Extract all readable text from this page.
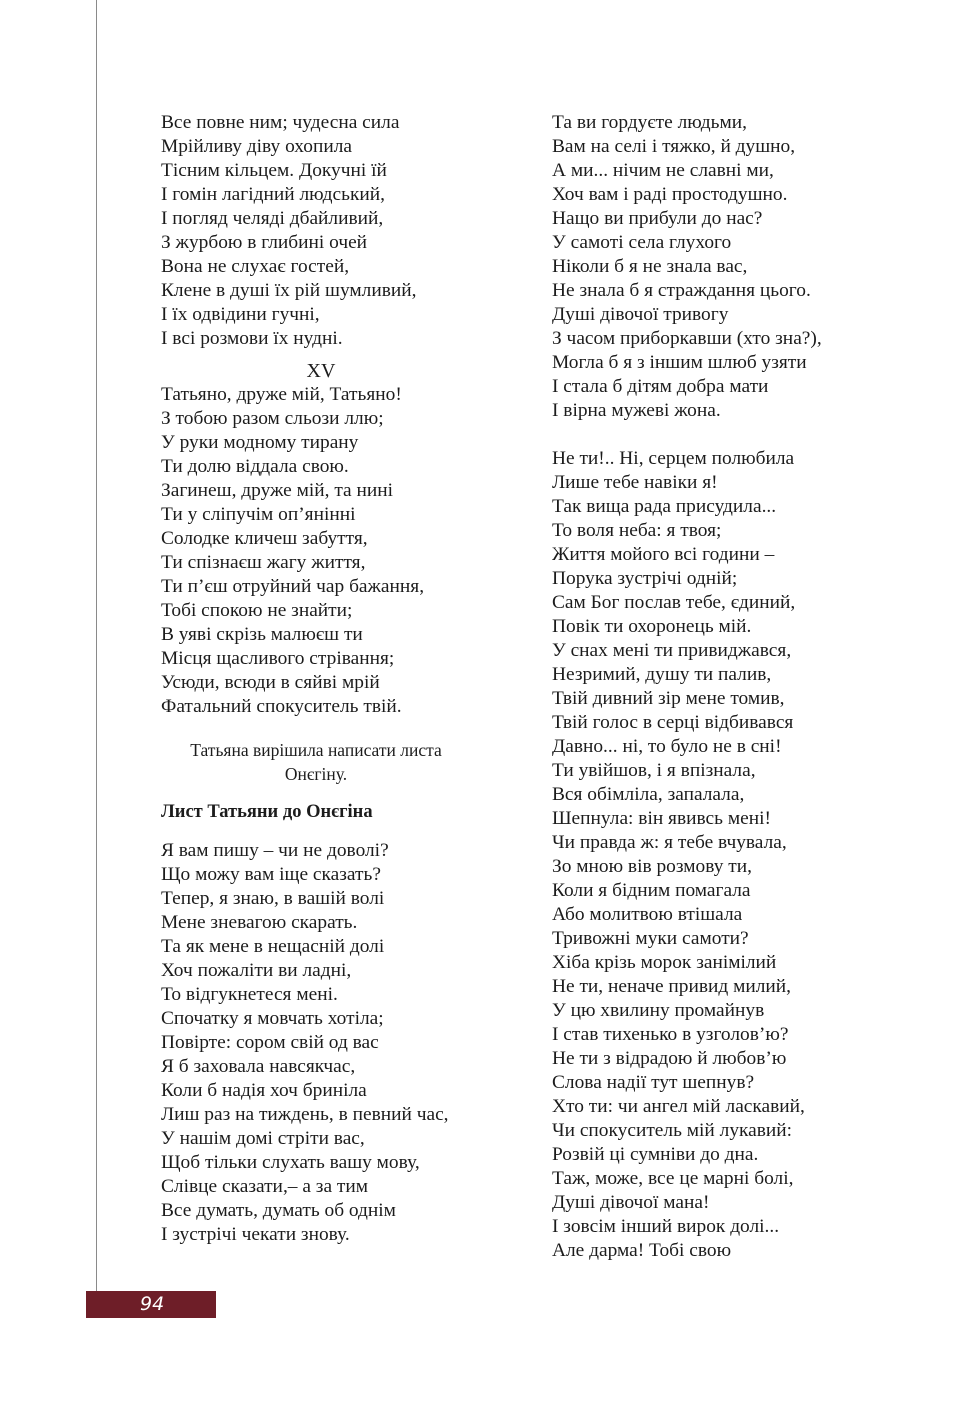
Все повне ним; чудесна сила
Мрійливу діву охопила
Тісним кільцем. Докучні їй
І гомін лагідний людський,
І погляд челяді дбайливий,
З журбою в глибині очей
Вона не слухає гостей,
Клене в душі їх рій шумливий,
І їх одвідини гучні,
І всі розмови їх нудні.
XV
Татьяно, друже мій, Татьяно!
З тобою разом сльози ллю;
У руки модному тирану
Ти долю віддала свою.
Загинеш, друже мій, та нині
Ти у сліпучім оп’янінні
Солодке кличеш забуття,
Ти спізнаєш жагу життя,
Ти п’єш отруйний чар бажання,
Тобі спокою не знайти;
В уяві скрізь малюєш ти
Місця щасливого стрівання;
Усюди, всюди в сяйві мрій
Фатальний спокуситель твій.
Татьяна вирішила написати листа
Онєгіну.
Лист Татьяни до Онєгіна
Я вам пишу – чи не доволі?
Що можу вам іще сказать?
Тепер, я знаю, в вашій волі
Мене зневагою скарать.
Та як мене в нещасній долі
Хоч пожаліти ви ладні,
То відгукнетеся мені.
Спочатку я мовчать хотіла;
Повірте: сором свій од вас
Я б заховала навсякчас,
Коли б надія хоч бриніла
Лиш раз на тиждень, в певний час,
У нашім домі стріти вас,
Щоб тільки слухать вашу мову,
Слівце сказати,– а за тим
Все думать, думать об однім
І зустрічі чекати знову.
Та ви гордуєте людьми,
Вам на селі і тяжко, й душно,
А ми... нічим не славні ми,
Хоч вам і раді простодушно.
Нащо ви прибули до нас?
У самоті села глухого
Ніколи б я не знала вас,
Не знала б я страждання цього.
Душі дівочої тривогу
З часом приборкавши (хто зна?),
Могла б я з іншим шлюб узяти
І стала б дітям добра мати
І вірна мужеві жона.
Не ти!.. Ні, серцем полюбила
Лише тебе навіки я!
Так вища рада присудила...
То воля неба: я твоя;
Життя мойого всі години –
Порука зустрічі одній;
Сам Бог послав тебе, єдиний,
Повік ти охоронець мій.
У снах мені ти привиджався,
Незримий, душу ти палив,
Твій дивний зір мене томив,
Твій голос в серці відбивався
Давно... ні, то було не в сні!
Ти увійшов, і я впізнала,
Вся обімліла, запалала,
Шепнула: він явивсь мені!
Чи правда ж: я тебе вчувала,
Зо мною вів розмову ти,
Коли я бідним помагала
Або молитвою втішала
Тривожні муки самоти?
Хіба крізь морок занімілий
Не ти, неначе привид милий,
У цю хвилину промайнув
І став тихенько в узголов’ю?
Не ти з відрадою й любов’ю
Слова надії тут шепнув?
Хто ти: чи ангел мій ласкавий,
Чи спокуситель мій лукавий:
Розвій ці сумніви до дна.
Таж, може, все це марні болі,
Душі дівочої мана!
І зовсім інший вирок долі...
Але дарма! Тобі свою
94
